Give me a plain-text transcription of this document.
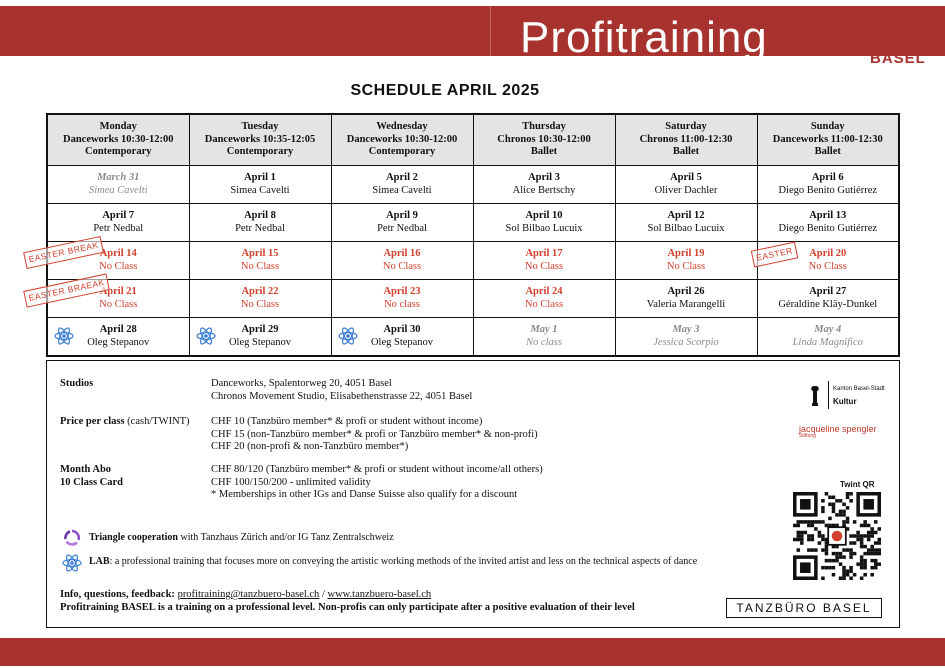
Profitraining	BASEL
SCHEDULE APRIL 2025
Monday
Danceworks 10:30-12:00
Contemporary	Tuesday
Danceworks 10:35-12:05
Contemporary	Wednesday
Danceworks 10:30-12:00
Contemporary	Thursday
Chronos 10:30-12:00
Ballet	Saturday
Chronos 11:00-12:30
Ballet	Sunday
Danceworks 11:00-12:30
Ballet

March 31
Simea Cavelti	April 1
Simea Cavelti	April 2
Simea Cavelti	April 3
Alice Bertschy	April 5
Oliver Dachler	April 6
Diego Benito Gutiérrez

April 7
Petr Nedbal	April 8
Petr Nedbal	April 9
Petr Nedbal	April 10
Sol Bilbao Lucuix	April 12
Sol Bilbao Lucuix	April 13
Diego Benito Gutiérrez

April 14
No Class
EASTER BREAK	April 15
No Class	April 16
No Class	April 17
No Class	April 19
No Class	April 20
No Class
EASTER

April 21
No Class
EASTER BRAEAK	April 22
No Class	April 23
No class	April 24
No Class	April 26
Valeria Marangelli	April 27
Géraldine Kläy-Dunkel

April 28
Oleg Stepanov	April 29
Oleg Stepanov	April 30
Oleg Stepanov	May 1
No class	May 3
Jessica Scorpio	May 4
Linda Magnifico
Studios	Danceworks, Spalentorweg 20, 4051 Basel
Chronos Movement Studio, Elisabethenstrasse 22, 4051 Basel
Price per class (cash/TWINT) CHF 10 (Tanzbüro member* & profi or student without income)
CHF 15 (non-Tanzbüro member* & profi or Tanzbüro member* & non-profi)
CHF 20 (non-profi & non-Tanzbüro member*)
Month Abo
10 Class Card
CHF 80/120 (Tanzbüro member* & profi or student without income/all others)
CHF 100/150/200 - unlimited validity
* Memberships in other IGs and Danse Suisse also qualify for a discount
Triangle cooperation with Tanzhaus Zürich and/or IG Tanz Zentralschweiz
LAB: a professional training that focuses more on conveying the artistic working methods of the invited artist and less on the technical aspects of dance
Info, questions, feedback: profitraining@tanzbuero-basel.ch / www.tanzbuero-basel.ch
Profitraining BASEL is a training on a professional level. Non-profis can only participate after a positive evaluation of their level
Kanton Basel-Stadt
Kultur
jacqueline spengler
Stiftung
Twint QR
TANZBÜRO BASEL
